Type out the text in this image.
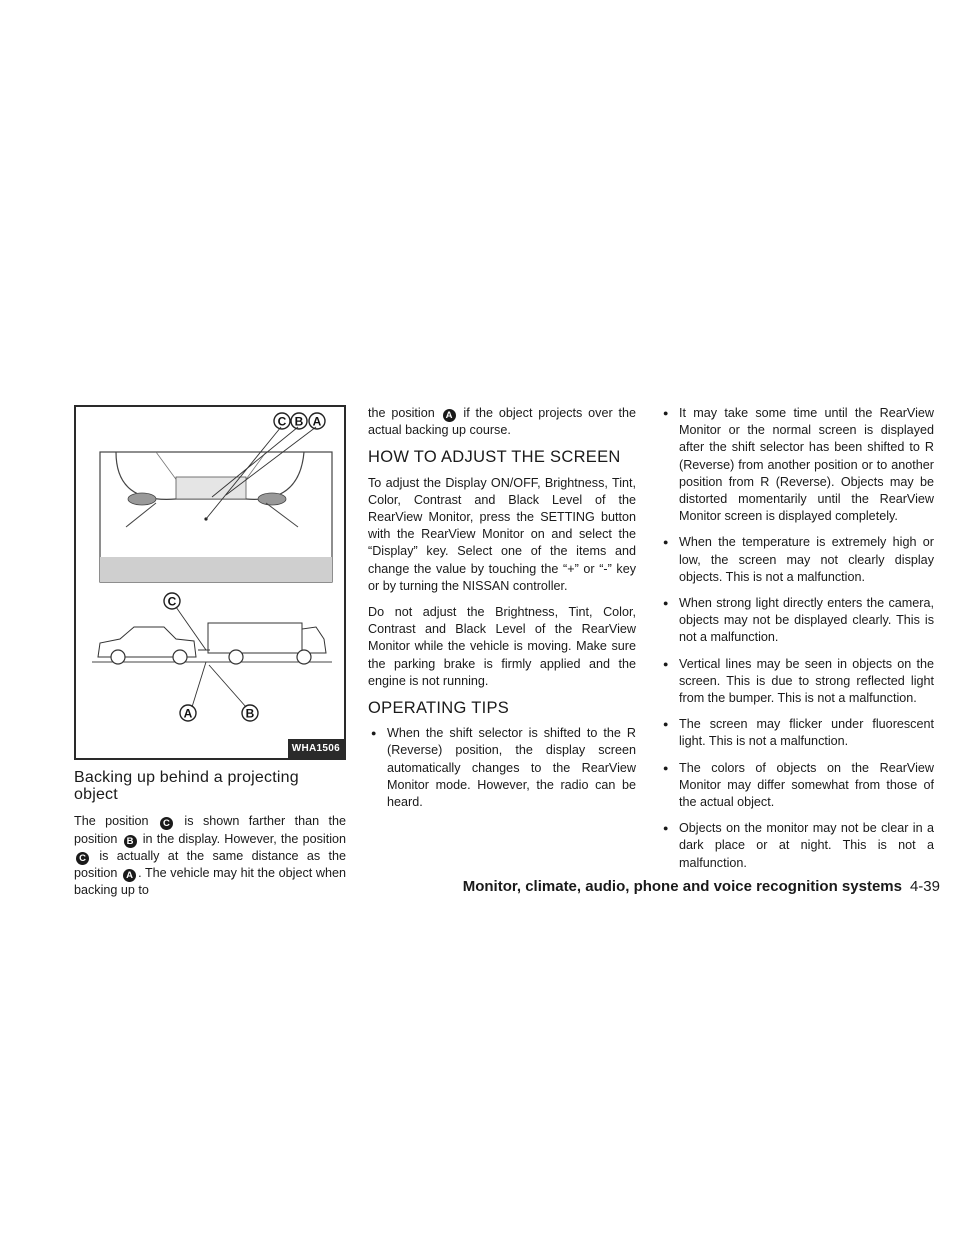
C B A
C
A	B
WHA1506
Backing up behind a projecting object

The position C is shown farther than the position B in the display. However, the position C is actually at the same distance as the position A . The vehicle may hit the object when backing up to

the position A if the object projects over the actual backing up course.

HOW TO ADJUST THE SCREEN

To adjust the Display ON/OFF, Brightness, Tint, Color, Contrast and Black Level of the RearView Monitor, press the SETTING button with the RearView Monitor on and select the “Display” key. Select one of the items and change the value by touching the “+” or “-” key or by turning the NISSAN controller.

Do not adjust the Brightness, Tint, Color, Contrast and Black Level of the RearView Monitor while the vehicle is moving. Make sure the parking brake is firmly applied and the engine is not running.

OPERATING TIPS
● When the shift selector is shifted to the R (Reverse) position, the display screen automatically changes to the RearView Monitor mode. However, the radio can be heard.
● It may take some time until the RearView Monitor or the normal screen is displayed after the shift selector has been shifted to R (Reverse) from another position or to another position from R (Reverse). Objects may be distorted momentarily until the RearView Monitor screen is displayed completely.
● When the temperature is extremely high or low, the screen may not clearly display objects. This is not a malfunction.
● When strong light directly enters the camera, objects may not be displayed clearly. This is not a malfunction.
● Vertical lines may be seen in objects on the screen. This is due to strong reflected light from the bumper. This is not a malfunction.
● The screen may flicker under fluorescent light. This is not a malfunction.
● The colors of objects on the RearView Monitor may differ somewhat from those of the actual object.
● Objects on the monitor may not be clear in a dark place or at night. This is not a malfunction.
Monitor, climate, audio, phone and voice recognition systems 4-39
